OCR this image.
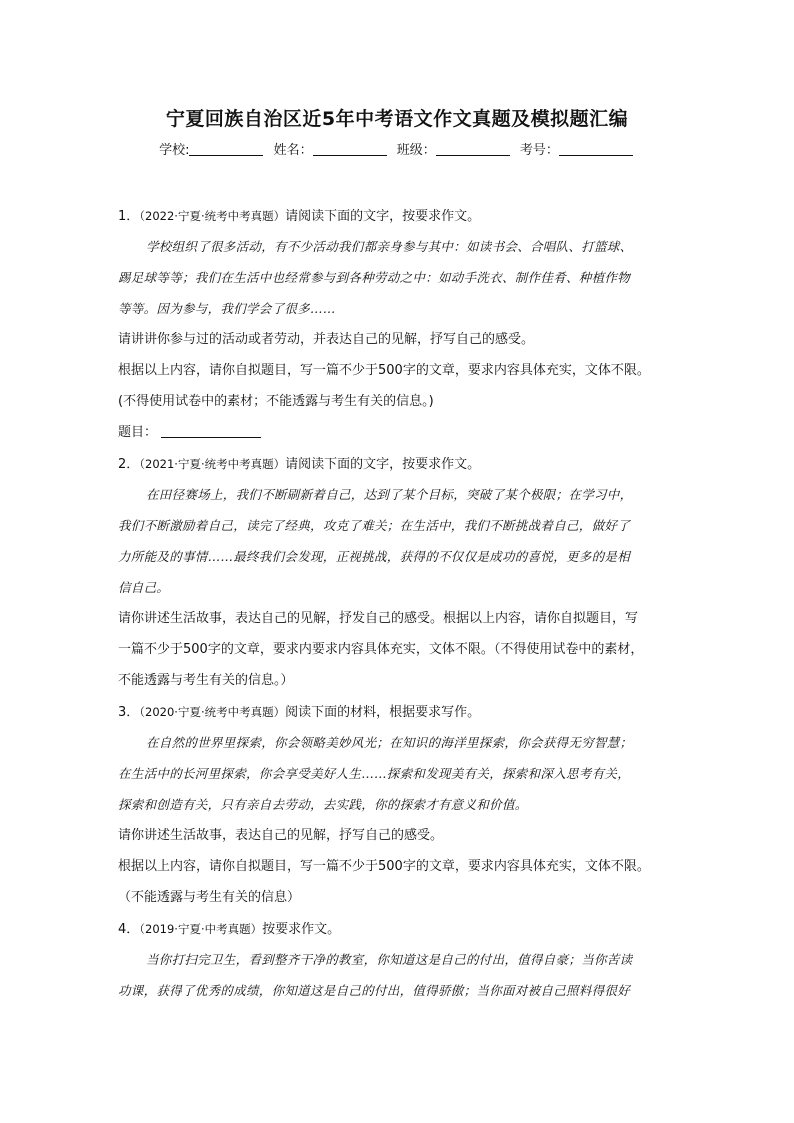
宁夏回族自治区近5年中考语文作文真题及模拟题汇编
学校:	姓名：	班级：	考号：
1．（2022·宁夏·统考中考真题）请阅读下面的文字，按要求作文。
学校组织了很多活动，有不少活动我们都亲身参与其中：如读书会、合唱队、打篮球、
踢足球等等；我们在生活中也经常参与到各种劳动之中：如动手洗衣、制作佳肴、种植作物
等等。因为参与，我们学会了很多……
请讲讲你参与过的活动或者劳动，并表达自己的见解，抒写自己的感受。
根据以上内容，请你自拟题目，写一篇不少于500字的文章，要求内容具体充实，文体不限。
(不得使用试卷中的素材；不能透露与考生有关的信息。)
题目：
2．（2021·宁夏·统考中考真题）请阅读下面的文字，按要求作文。
在田径赛场上，我们不断刷新着自己，达到了某个目标，突破了某个极限；在学习中，
我们不断激励着自己，读完了经典，攻克了难关；在生活中，我们不断挑战着自己，做好了
力所能及的事情……最终我们会发现，正视挑战，获得的不仅仅是成功的喜悦，更多的是相
信自己。
请你讲述生活故事，表达自己的见解，抒发自己的感受。根据以上内容，请你自拟题目，写
一篇不少于500字的文章，要求内要求内容具体充实，文体不限。（不得使用试卷中的素材，
不能透露与考生有关的信息。）
3．（2020·宁夏·统考中考真题）阅读下面的材料，根据要求写作。
在自然的世界里探索，你会领略美妙风光；在知识的海洋里探索，你会获得无穷智慧；
在生活中的长河里探索，你会享受美好人生……探索和发现美有关，探索和深入思考有关，
探索和创造有关，只有亲自去劳动，去实践，你的探索才有意义和价值。
请你讲述生活故事，表达自己的见解，抒写自己的感受。
根据以上内容，请你自拟题目，写一篇不少于500字的文章，要求内容具体充实，文体不限。
（不能透露与考生有关的信息）
4．（2019·宁夏·中考真题）按要求作文。
当你打扫完卫生，看到整齐干净的教室，你知道这是自己的付出，值得自豪；当你苦读
功课，获得了优秀的成绩，你知道这是自己的付出，值得骄傲；当你面对被自己照料得很好
